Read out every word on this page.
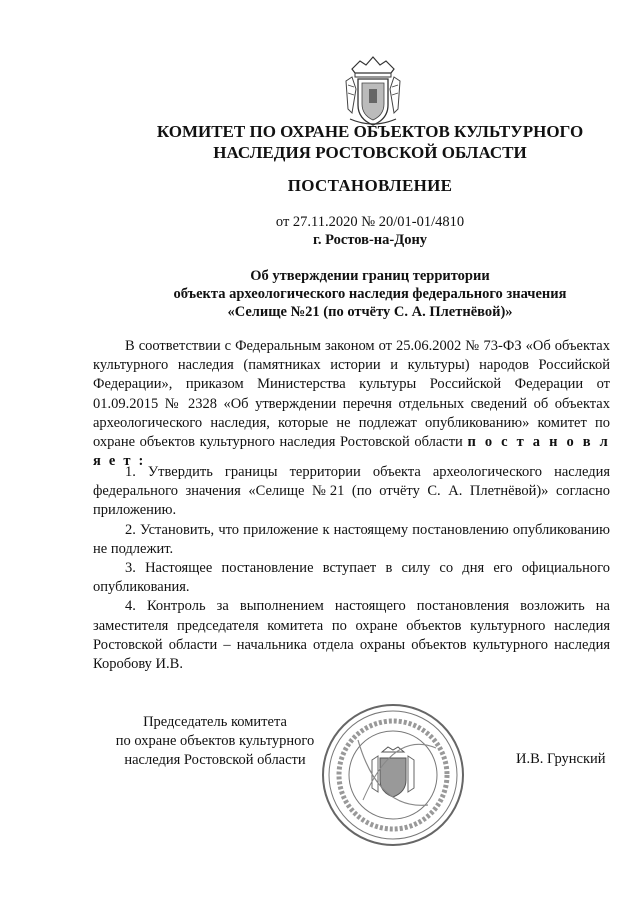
КОМИТЕТ ПО ОХРАНЕ ОБЪЕКТОВ КУЛЬТУРНОГО
НАСЛЕДИЯ РОСТОВСКОЙ ОБЛАСТИ
ПОСТАНОВЛЕНИЕ
от 27.11.2020 № 20/01-01/4810
г. Ростов-на-Дону
Об утверждении границ территории
объекта археологического наследия федерального значения
«Селище №21 (по отчёту С. А. Плетнёвой)»

В соответствии с Федеральным законом от 25.06.2002 № 73-ФЗ «Об объектах культурного наследия (памятниках истории и культуры) народов Российской Федерации», приказом Министерства культуры Российской Федерации от 01.09.2015 № 2328 «Об утверждении перечня отдельных сведений об объектах археологического наследия, которые не подлежат опубликованию» комитет по охране объектов культурного наследия Ростовской области п о с т а н о в л я е т :

1. Утвердить границы территории объекта археологического наследия федерального значения «Селище №21 (по отчёту С. А. Плетнёвой)» согласно приложению.

2. Установить, что приложение к настоящему постановлению опубликованию не подлежит.

3. Настоящее постановление вступает в силу со дня его официального опубликования.

4. Контроль за выполнением настоящего постановления возложить на заместителя председателя комитета по охране объектов культурного наследия Ростовской области – начальника отдела охраны объектов культурного наследия Коробову И.В.

Председатель комитета
по охране объектов культурного
наследия Ростовской области	И.В. Грунский
